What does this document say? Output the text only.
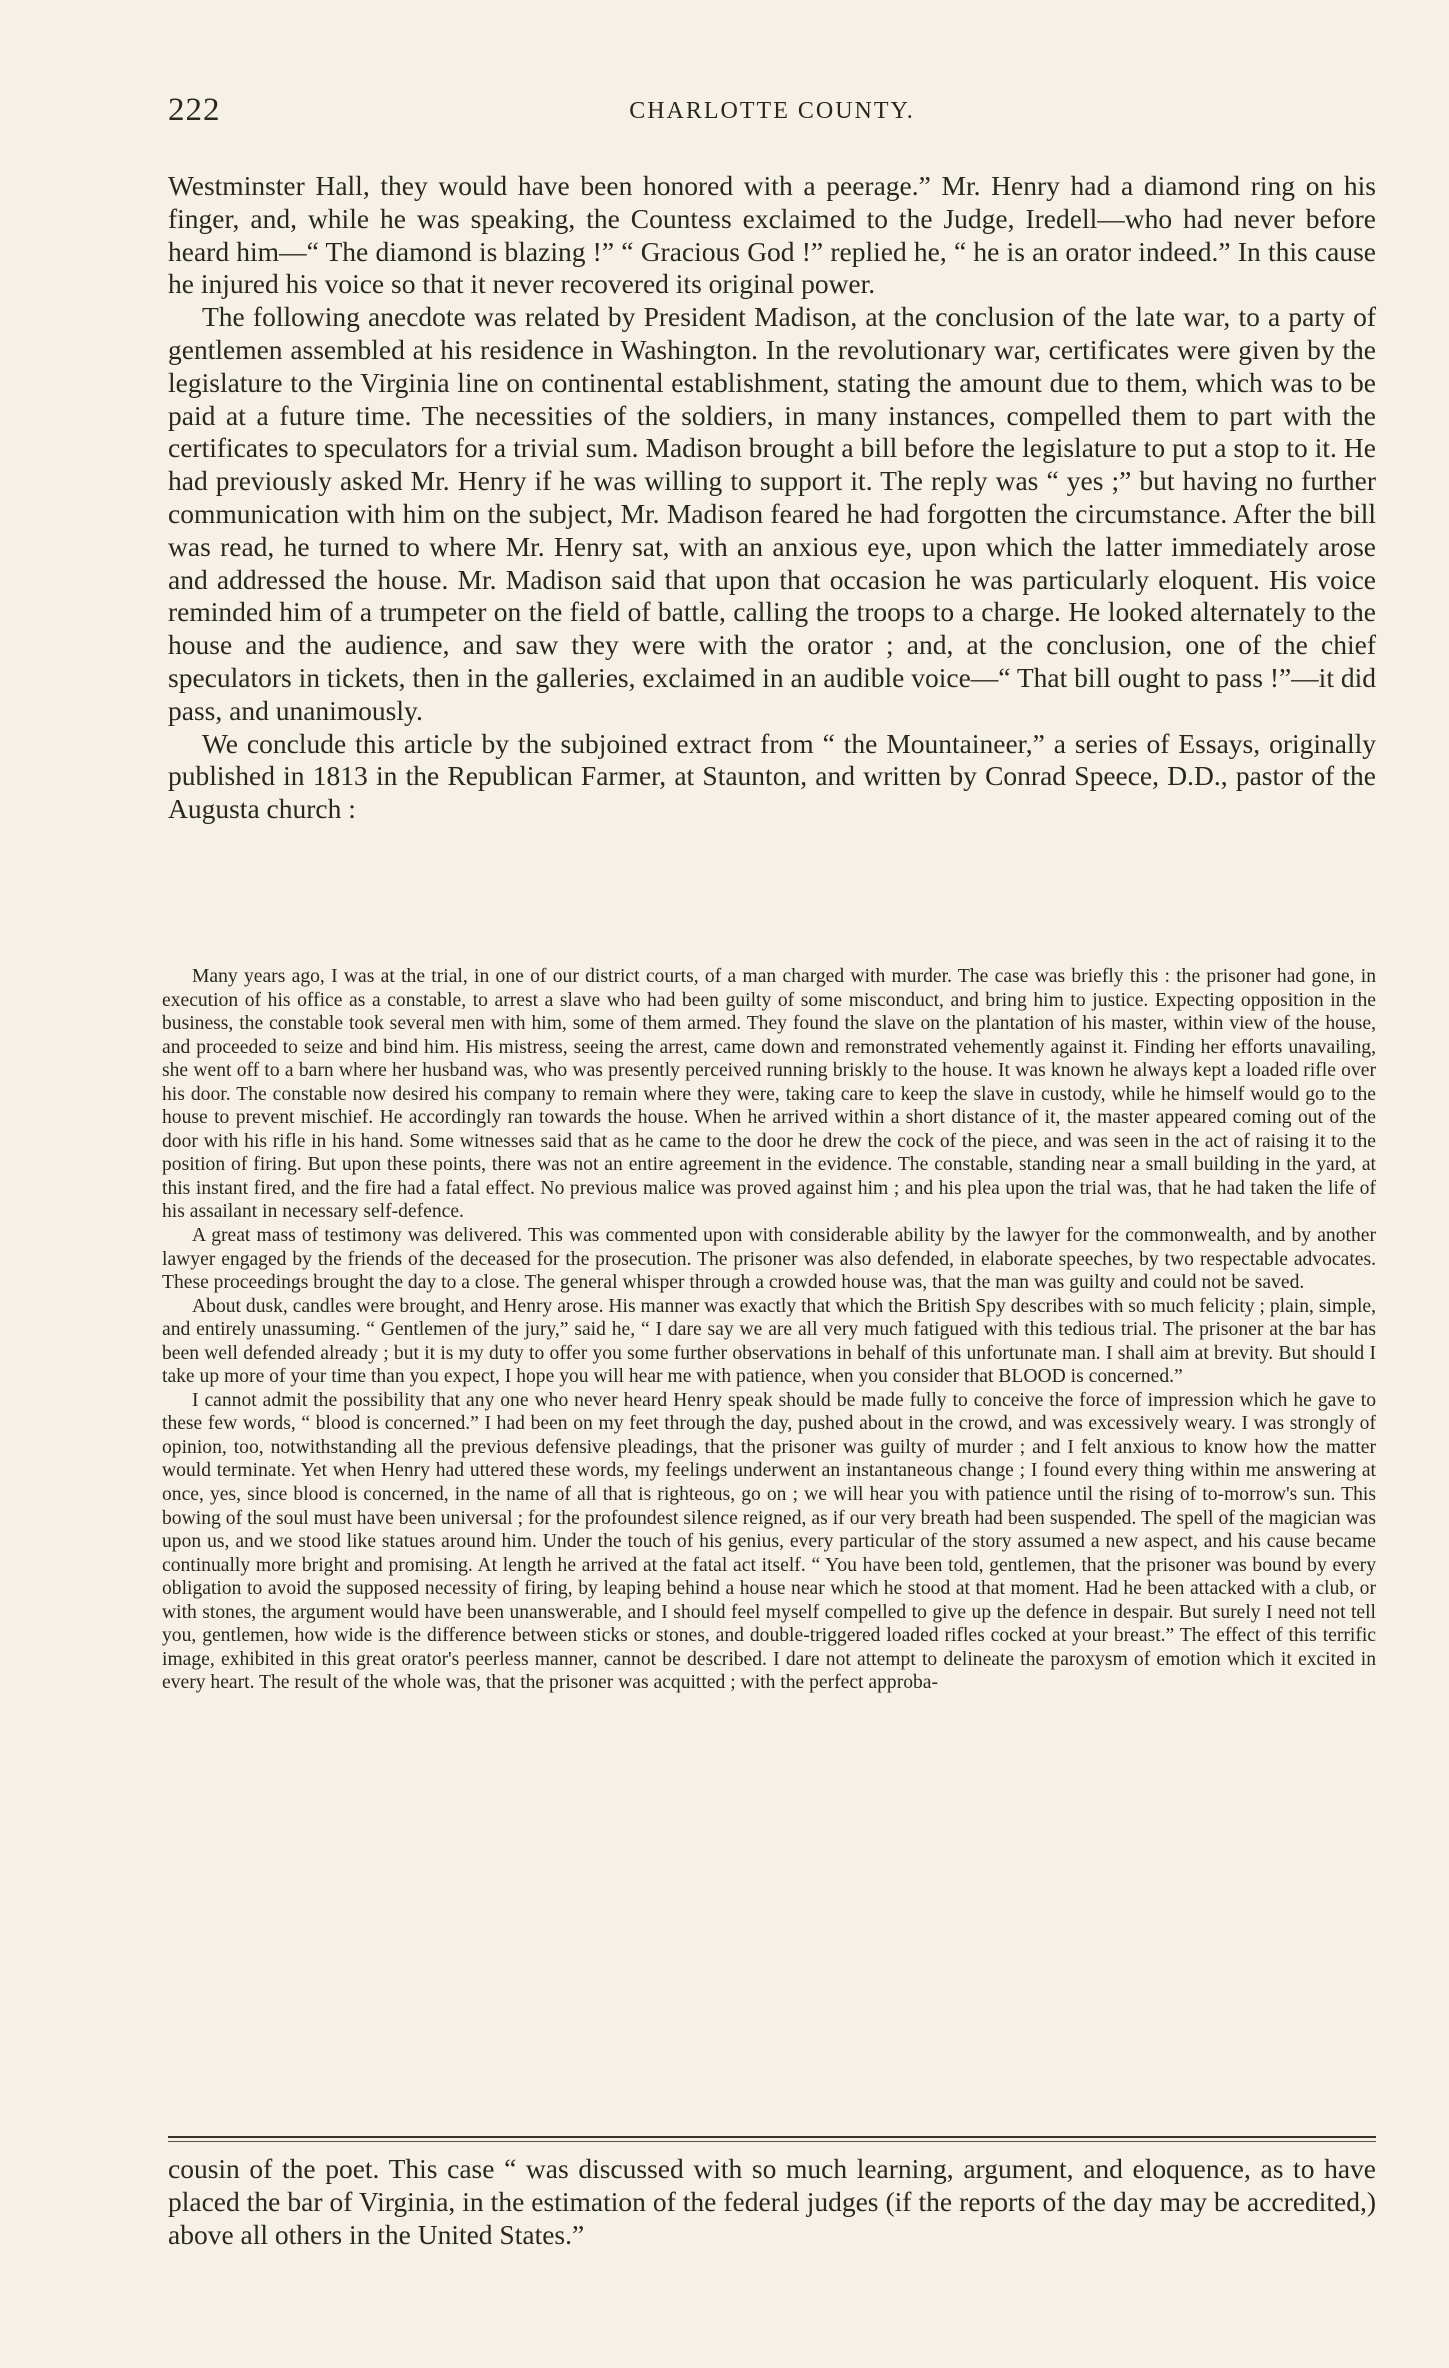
222	CHARLOTTE COUNTY.

Westminster Hall, they would have been honored with a peerage.” Mr. Henry had a diamond ring on his finger, and, while he was speaking, the Countess exclaimed to the Judge, Iredell—who had never before heard him—“ The diamond is blazing !” “ Gracious God !” replied he, “ he is an orator indeed.” In this cause he injured his voice so that it never recovered its original power.

The following anecdote was related by President Madison, at the conclusion of the late war, to a party of gentlemen assembled at his residence in Washington. In the revolutionary war, certificates were given by the legislature to the Virginia line on continental establishment, stating the amount due to them, which was to be paid at a future time. The necessities of the soldiers, in many instances, compelled them to part with the certificates to speculators for a trivial sum. Madison brought a bill before the legislature to put a stop to it. He had previously asked Mr. Henry if he was willing to support it. The reply was “ yes ;” but having no further communication with him on the subject, Mr. Madison feared he had forgotten the circumstance. After the bill was read, he turned to where Mr. Henry sat, with an anxious eye, upon which the latter immediately arose and addressed the house. Mr. Madison said that upon that occasion he was particularly eloquent. His voice reminded him of a trumpeter on the field of battle, calling the troops to a charge. He looked alternately to the house and the audience, and saw they were with the orator ; and, at the conclusion, one of the chief speculators in tickets, then in the galleries, exclaimed in an audible voice—“ That bill ought to pass !”—it did pass, and unanimously.

We conclude this article by the subjoined extract from “ the Mountaineer,” a series of Essays, originally published in 1813 in the Republican Farmer, at Staunton, and written by Conrad Speece, D.D., pastor of the Augusta church :

Many years ago, I was at the trial, in one of our district courts, of a man charged with murder. The case was briefly this : the prisoner had gone, in execution of his office as a constable, to arrest a slave who had been guilty of some misconduct, and bring him to justice. Expecting opposition in the business, the constable took several men with him, some of them armed. They found the slave on the plantation of his master, within view of the house, and proceeded to seize and bind him. His mistress, seeing the arrest, came down and remonstrated vehemently against it. Finding her efforts unavailing, she went off to a barn where her husband was, who was presently perceived running briskly to the house. It was known he always kept a loaded rifle over his door. The constable now desired his company to remain where they were, taking care to keep the slave in custody, while he himself would go to the house to prevent mischief. He accordingly ran towards the house. When he arrived within a short distance of it, the master appeared coming out of the door with his rifle in his hand. Some witnesses said that as he came to the door he drew the cock of the piece, and was seen in the act of raising it to the position of firing. But upon these points, there was not an entire agreement in the evidence. The constable, standing near a small building in the yard, at this instant fired, and the fire had a fatal effect. No previous malice was proved against him ; and his plea upon the trial was, that he had taken the life of his assailant in necessary self-defence.

A great mass of testimony was delivered. This was commented upon with considerable ability by the lawyer for the commonwealth, and by another lawyer engaged by the friends of the deceased for the prosecution. The prisoner was also defended, in elaborate speeches, by two respectable advocates. These proceedings brought the day to a close. The general whisper through a crowded house was, that the man was guilty and could not be saved.

About dusk, candles were brought, and Henry arose. His manner was exactly that which the British Spy describes with so much felicity ; plain, simple, and entirely unassuming. “ Gentlemen of the jury,” said he, “ I dare say we are all very much fatigued with this tedious trial. The prisoner at the bar has been well defended already ; but it is my duty to offer you some further observations in behalf of this unfortunate man. I shall aim at brevity. But should I take up more of your time than you expect, I hope you will hear me with patience, when you consider that BLOOD is concerned.”

I cannot admit the possibility that any one who never heard Henry speak should be made fully to conceive the force of impression which he gave to these few words, “ blood is concerned.” I had been on my feet through the day, pushed about in the crowd, and was excessively weary. I was strongly of opinion, too, notwithstanding all the previous defensive pleadings, that the prisoner was guilty of murder ; and I felt anxious to know how the matter would terminate. Yet when Henry had uttered these words, my feelings underwent an instantaneous change ; I found every thing within me answering at once, yes, since blood is concerned, in the name of all that is righteous, go on ; we will hear you with patience until the rising of to-morrow's sun. This bowing of the soul must have been universal ; for the profoundest silence reigned, as if our very breath had been suspended. The spell of the magician was upon us, and we stood like statues around him. Under the touch of his genius, every particular of the story assumed a new aspect, and his cause became continually more bright and promising. At length he arrived at the fatal act itself. “ You have been told, gentlemen, that the prisoner was bound by every obligation to avoid the supposed necessity of firing, by leaping behind a house near which he stood at that moment. Had he been attacked with a club, or with stones, the argument would have been unanswerable, and I should feel myself compelled to give up the defence in despair. But surely I need not tell you, gentlemen, how wide is the difference between sticks or stones, and double-triggered loaded rifles cocked at your breast.” The effect of this terrific image, exhibited in this great orator's peerless manner, cannot be described. I dare not attempt to delineate the paroxysm of emotion which it excited in every heart. The result of the whole was, that the prisoner was acquitted ; with the perfect approba-

cousin of the poet. This case “ was discussed with so much learning, argument, and eloquence, as to have placed the bar of Virginia, in the estimation of the federal judges (if the reports of the day may be accredited,) above all others in the United States.”
